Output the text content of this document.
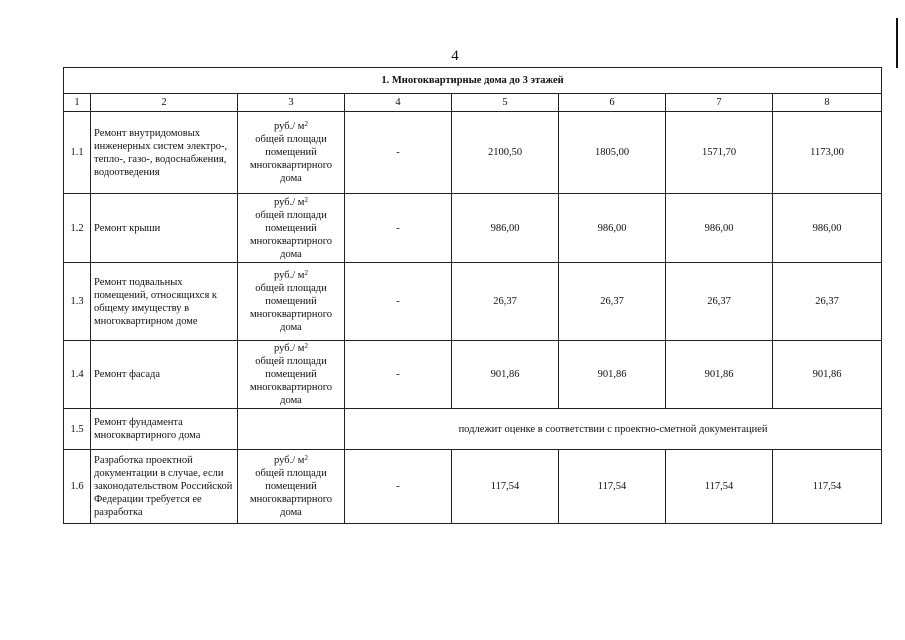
4
1. Многоквартирные дома до 3 этажей							
1	2	3	4	5	6	7	8
1.1	Ремонт внутридомовых инженерных систем электро-, тепло-, газо-, водоснабжения, водоотведения	руб./ $м^2$
общей площади
помещений
многоквартирного
дома	-	2100,50	1805,00	1571,70	1173,00
1.2	Ремонт крыши	руб./ $м^2$
общей площади
помещений
многоквартирного
дома	-	986,00	986,00	986,00	986,00
1.3	Ремонт подвальных помещений, относящихся к общему имуществу в многоквартирном доме	руб./ $м^2$
общей площади
помещений
многоквартирного
дома	-	26,37	26,37	26,37	26,37
1.4	Ремонт фасада	руб./ $м^2$
общей площади
помещений
многоквартирного
дома	-	901,86	901,86	901,86	901,86
1.5	Ремонт фундамента многоквартирного дома		подлежит оценке в соответствии с проектно-сметной документацией				
1.6	Разработка проектной документации в случае, если законодательством Российской Федерации требуется ее разработка	руб./ $м^2$
общей площади
помещений
многоквартирного
дома	-	117,54	117,54	117,54	117,54
